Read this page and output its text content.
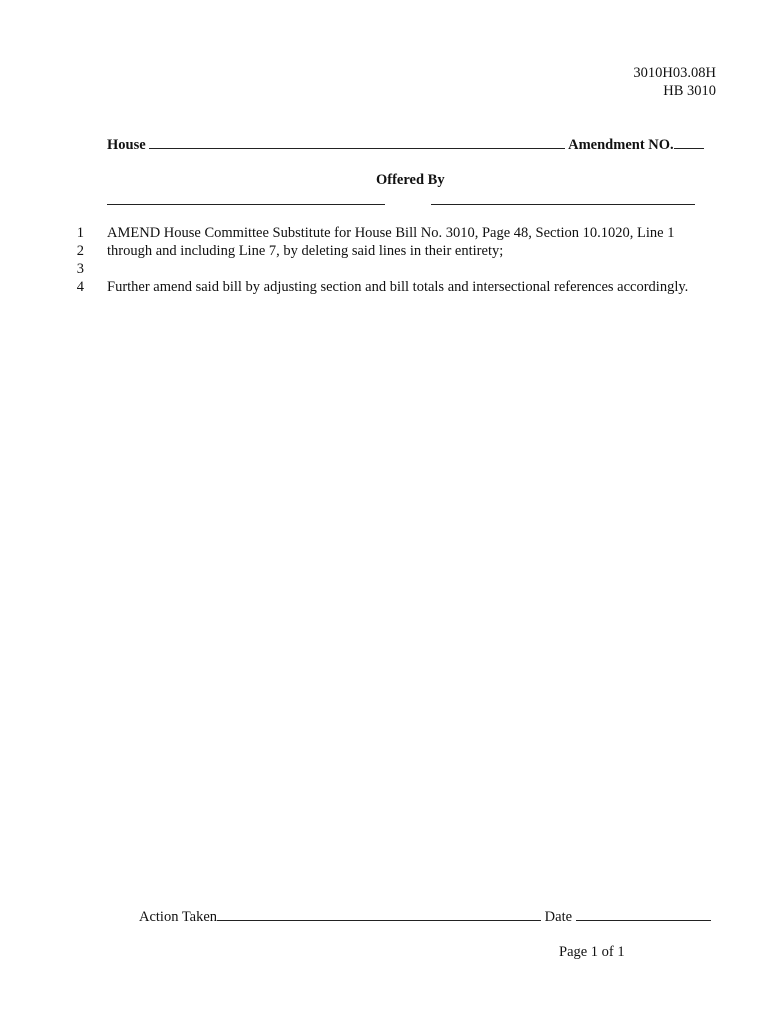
3010H03.08H
HB 3010
House	Amendment NO.
Offered By
1 AMEND House Committee Substitute for House Bill No. 3010, Page 48, Section 10.1020, Line 1
2 through and including Line 7, by deleting said lines in their entirety;
3
4 Further amend said bill by adjusting section and bill totals and intersectional references accordingly.
Action Taken	Date
Page 1 of 1
